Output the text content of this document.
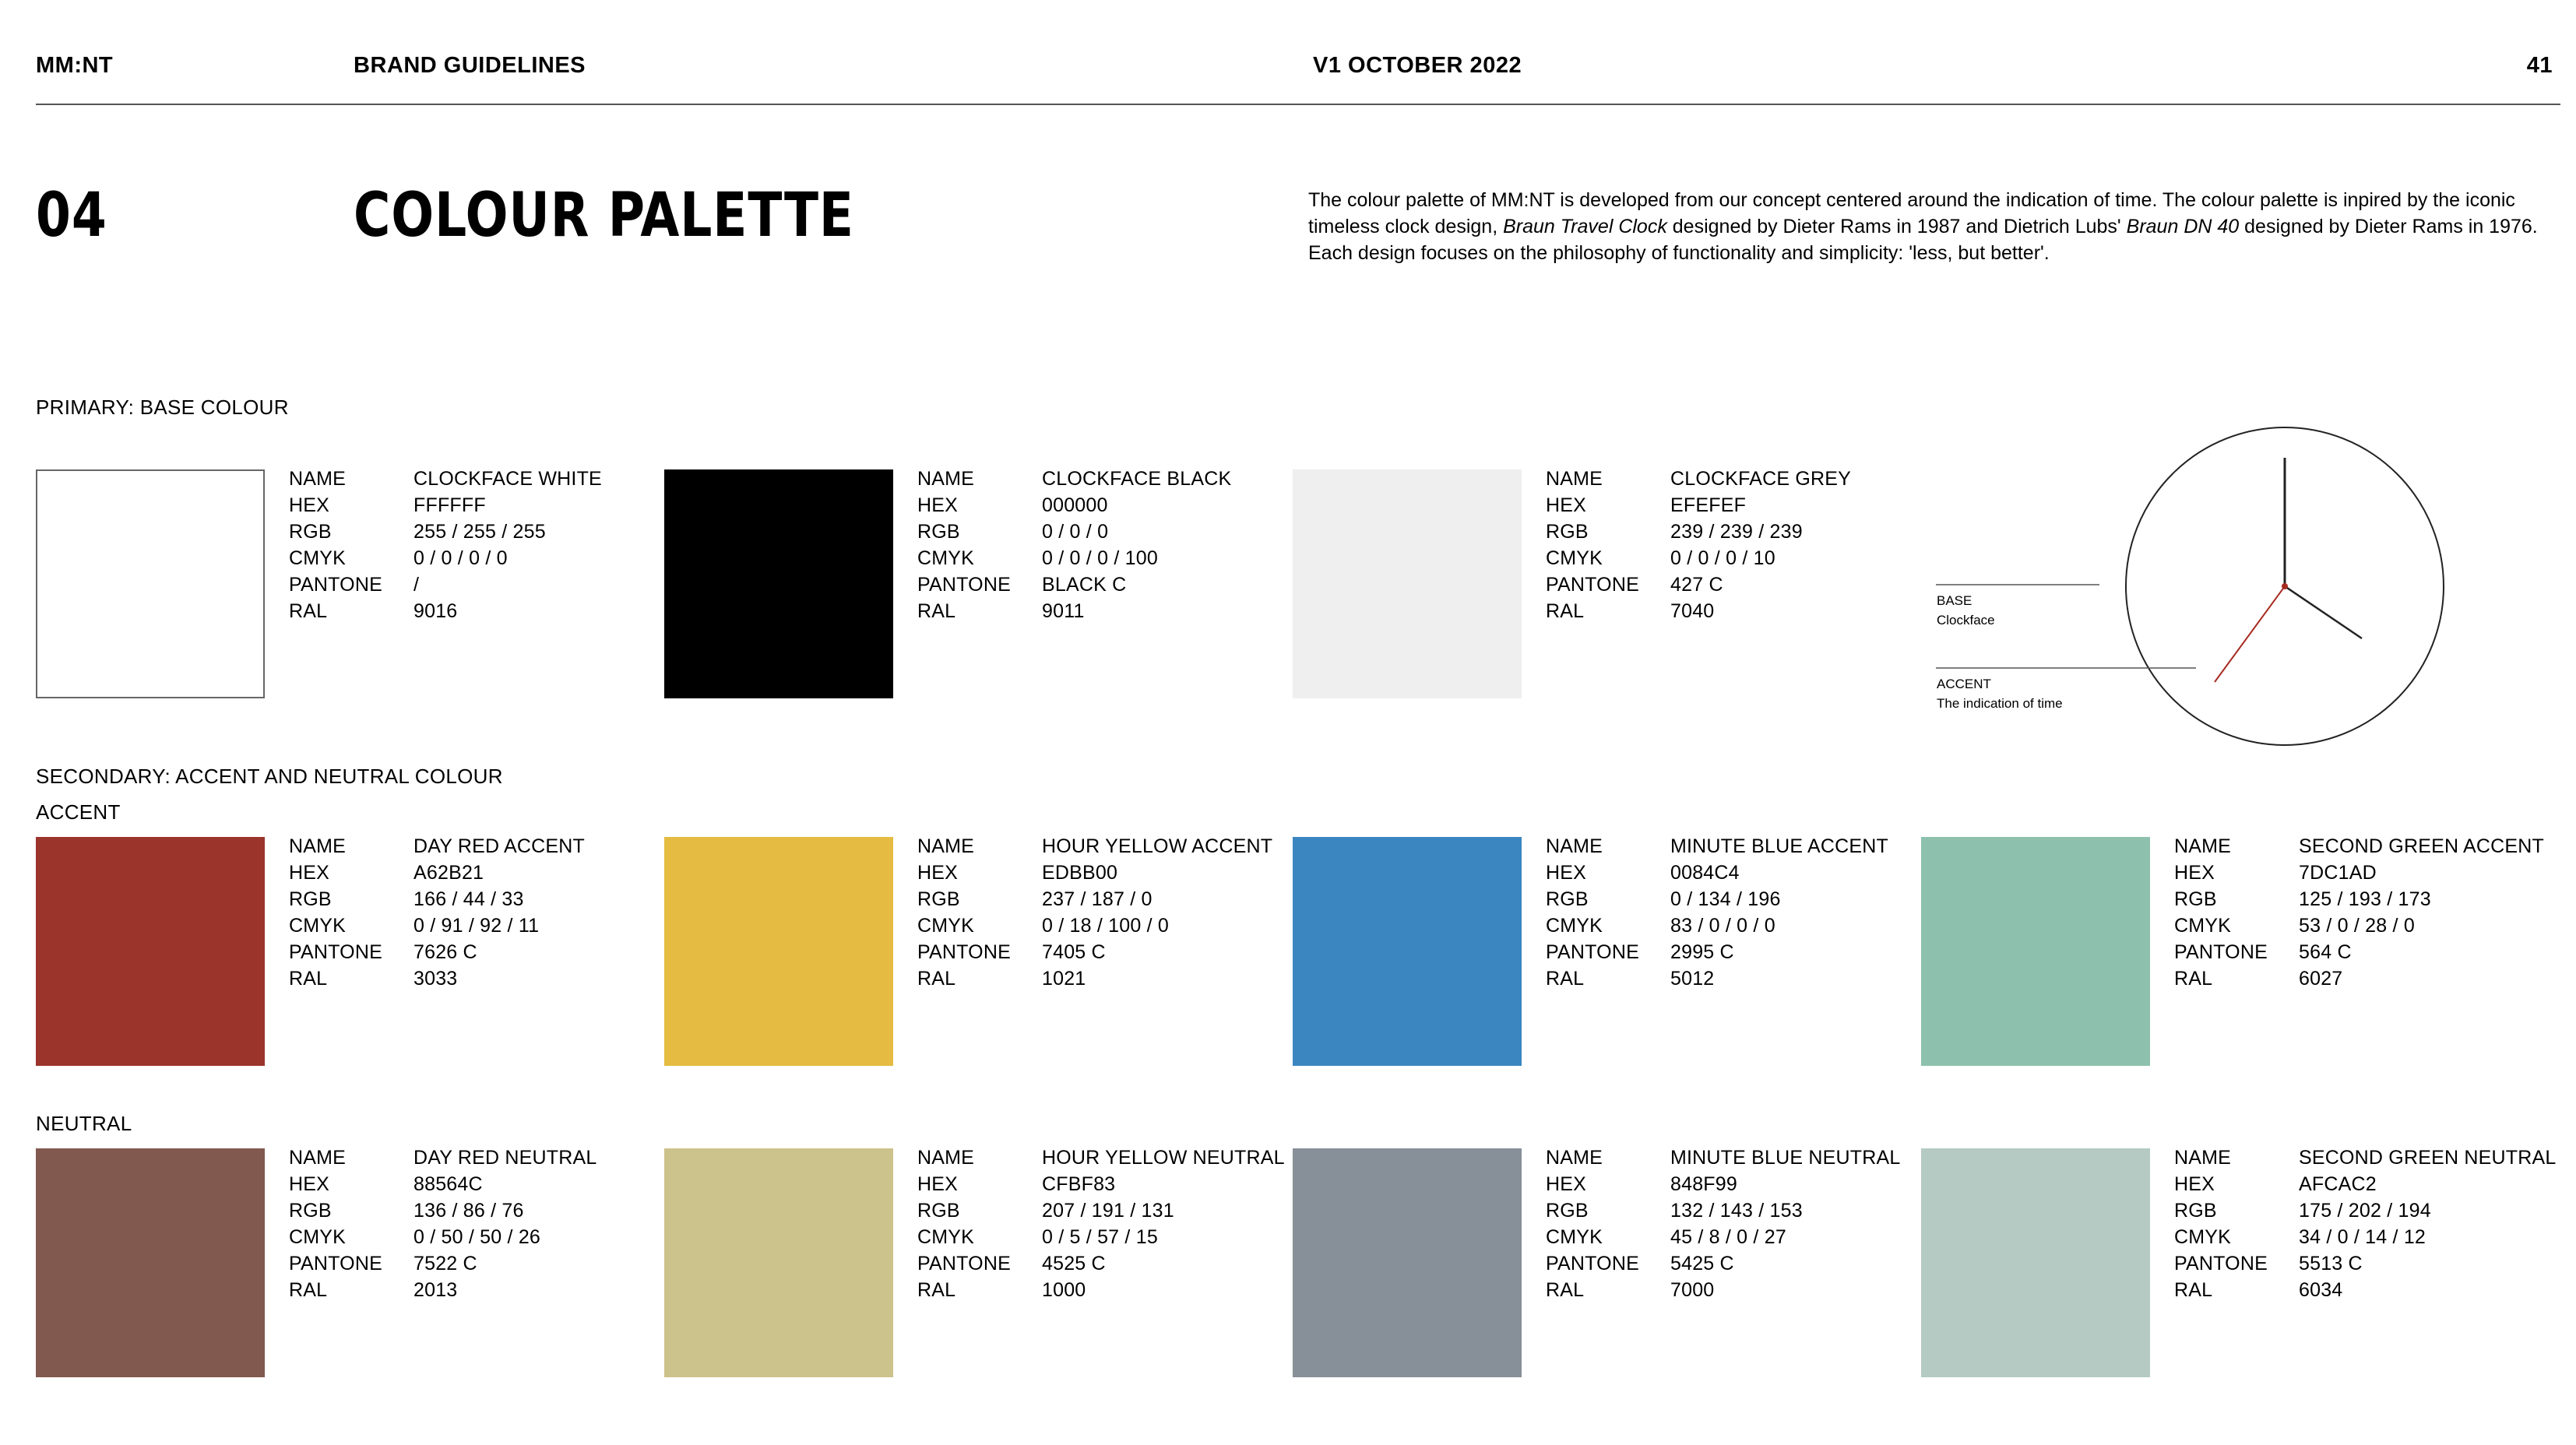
MM:NT	BRAND GUIDELINES	V1 OCTOBER 2022	41
04	COLOUR PALETTE	The colour palette of MM:NT is developed from our concept centered around the indication of time. The colour palette is inpired by the iconic timeless clock design, Braun Travel Clock designed by Dieter Rams in 1987 and Dietrich Lubs' Braun DN 40 designed by Dieter Rams in 1976. Each design focuses on the philosophy of functionality and simplicity: 'less, but better'.
PRIMARY: BASE COLOUR
SECONDARY: ACCENT AND NEUTRAL COLOUR
ACCENT
NEUTRAL
NAME	CLOCKFACE WHITE
HEX	FFFFFF
RGB	255 / 255 / 255
CMYK	0 / 0 / 0 / 0
PANTONE	/
RAL	9016
NAME	CLOCKFACE BLACK
HEX	000000
RGB	0 / 0 / 0
CMYK	0 / 0 / 0 / 100
PANTONE	BLACK C
RAL	9011
NAME	CLOCKFACE GREY
HEX	EFEFEF
RGB	239 / 239 / 239
CMYK	0 / 0 / 0 / 10
PANTONE	427 C
RAL	7040
NAME	DAY RED ACCENT
HEX	A62B21
RGB	166 / 44 / 33
CMYK	0 / 91 / 92 / 11
PANTONE	7626 C
RAL	3033
NAME	HOUR YELLOW ACCENT
HEX	EDBB00
RGB	237 / 187 / 0
CMYK	0 / 18 / 100 / 0
PANTONE	7405 C
RAL	1021
NAME	MINUTE BLUE ACCENT
HEX	0084C4
RGB	0 / 134 / 196
CMYK	83 / 0 / 0 / 0
PANTONE	2995 C
RAL	5012
NAME	SECOND GREEN ACCENT
HEX	7DC1AD
RGB	125 / 193 / 173
CMYK	53 / 0 / 28 / 0
PANTONE	564 C
RAL	6027
NAME	DAY RED NEUTRAL
HEX	88564C
RGB	136 / 86 / 76
CMYK	0 / 50 / 50 / 26
PANTONE	7522 C
RAL	2013
NAME	HOUR YELLOW NEUTRAL
HEX	CFBF83
RGB	207 / 191 / 131
CMYK	0 / 5 / 57 / 15
PANTONE	4525 C
RAL	1000
NAME	MINUTE BLUE NEUTRAL
HEX	848F99
RGB	132 / 143 / 153
CMYK	45 / 8 / 0 / 27
PANTONE	5425 C
RAL	7000
NAME	SECOND GREEN NEUTRAL
HEX	AFCAC2
RGB	175 / 202 / 194
CMYK	34 / 0 / 14 / 12
PANTONE	5513 C
RAL	6034
BASE
Clockface
ACCENT
The indication of time
